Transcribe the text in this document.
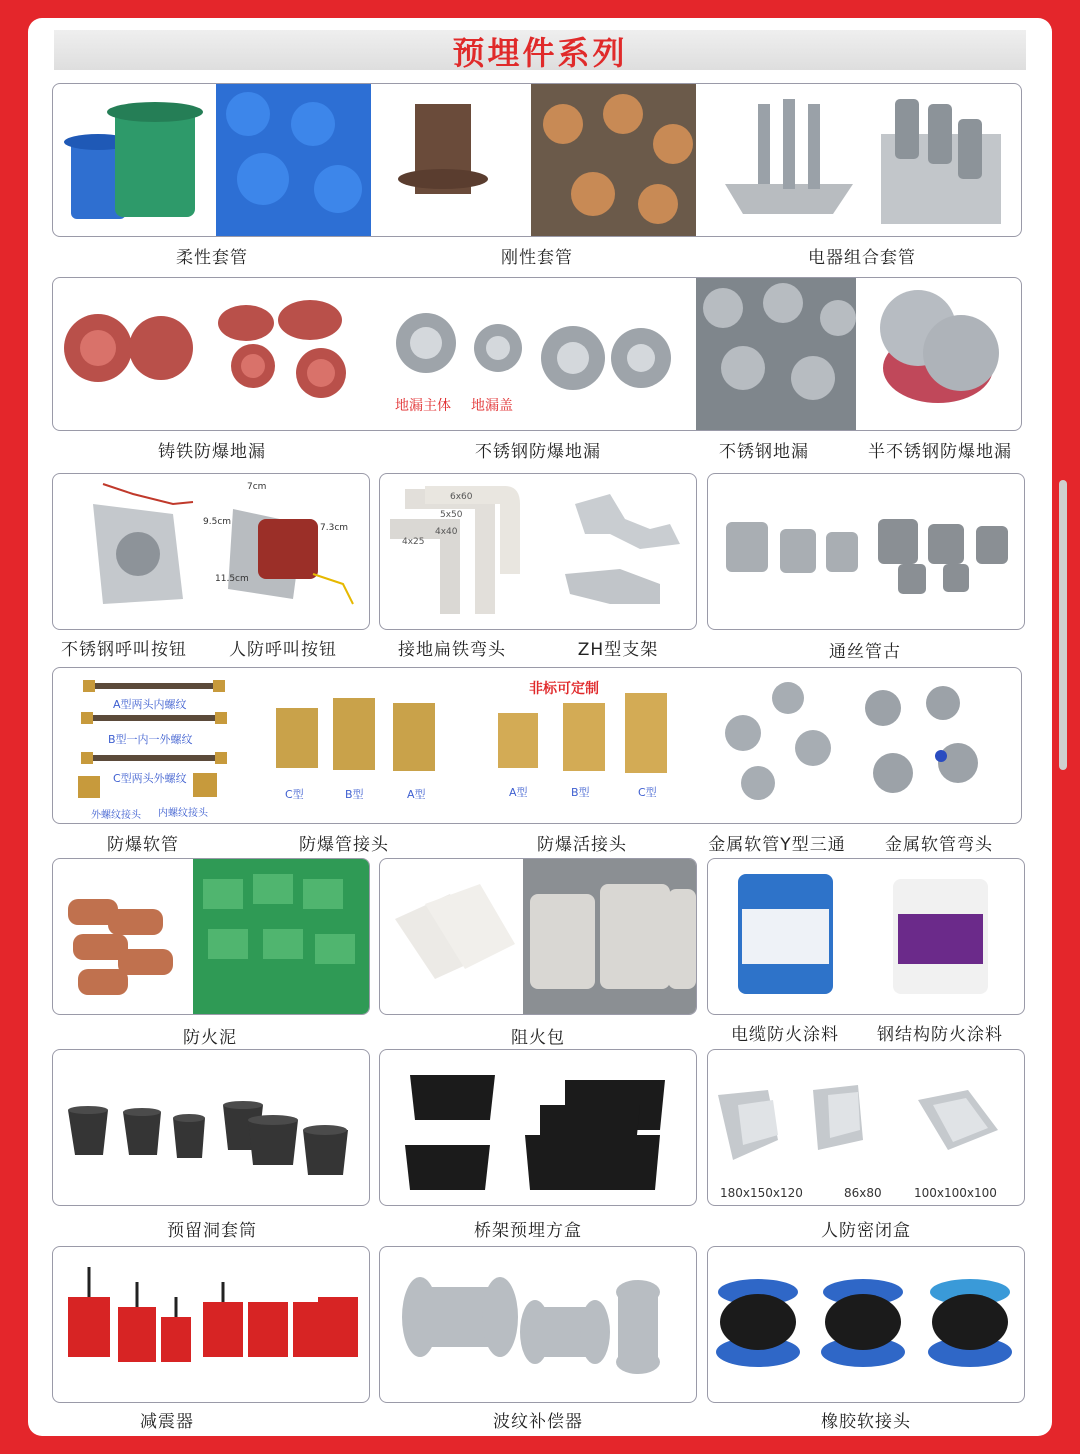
预埋件系列
柔性套管	刚性套管	电器组合套管
地漏主体 地漏盖
铸铁防爆地漏	不锈钢防爆地漏	不锈钢地漏	半不锈钢防爆地漏
7cm
9.5cm
7.3cm
11.5cm
6x60
5x50
4x40
4x25
不锈钢呼叫按钮 人防呼叫按钮	接地扁铁弯头	ZH型支架	通丝管古
A型两头内螺纹
B型一内一外螺纹
C型两头外螺纹
外螺纹接头 内螺纹接头
C型	B型	A型	A型	B型	C型
非标可定制
防爆软管	防爆管接头	防爆活接头	金属软管Y型三通 金属软管弯头
防火泥	阻火包	电缆防火涂料 钢结构防火涂料
180x150x120	86x80	100x100x100
预留洞套筒	桥架预埋方盒	人防密闭盒
减震器	波纹补偿器	橡胶软接头
